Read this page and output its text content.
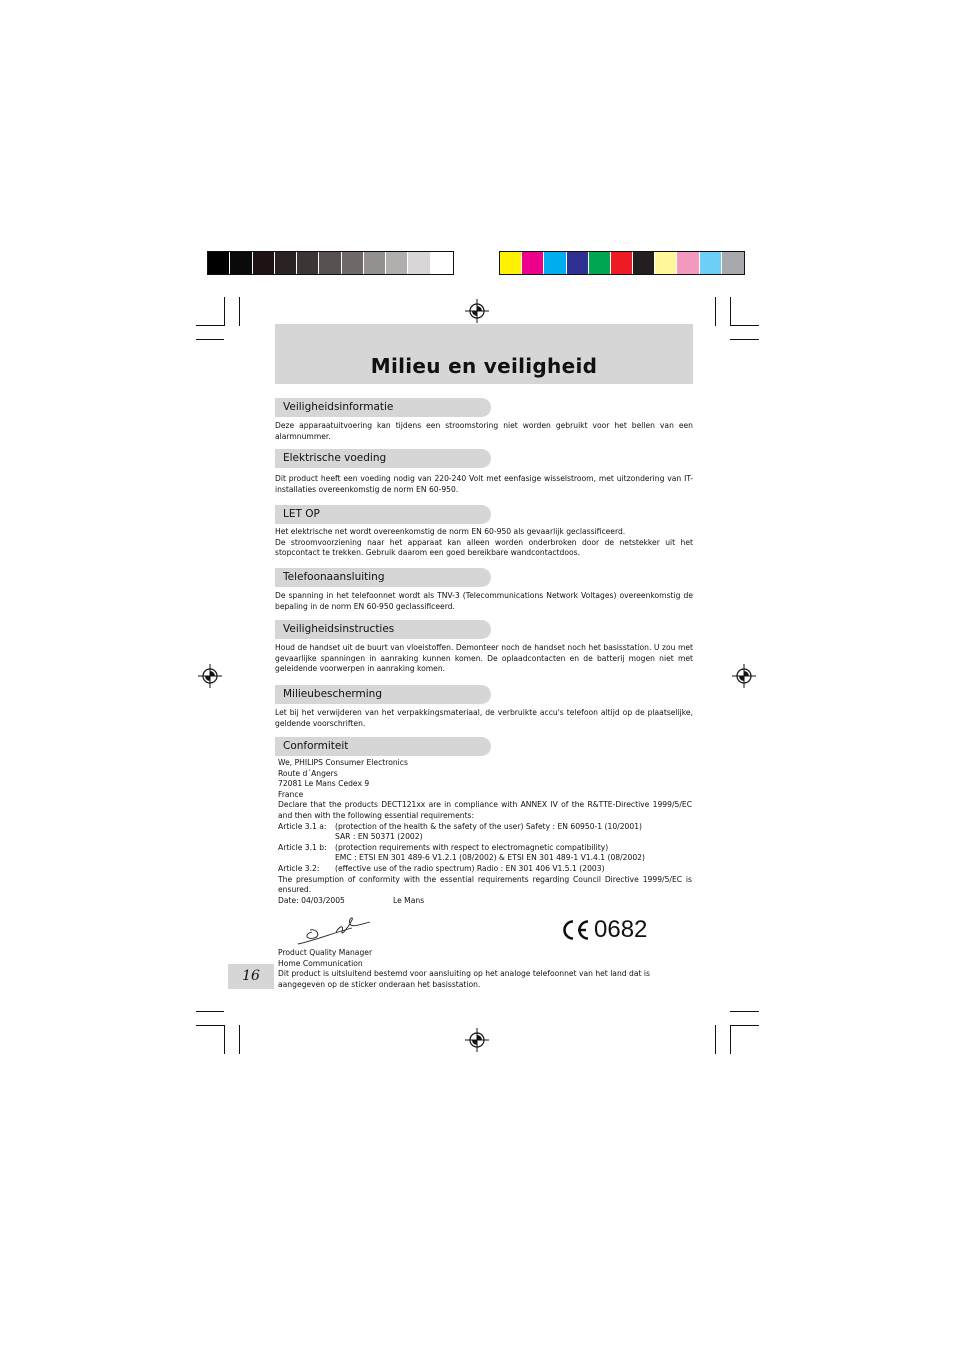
Milieu en veiligheid
Veiligheidsinformatie

Deze apparaatuitvoering kan tijdens een stroomstoring niet worden gebruikt voor het bellen van een alarmnummer.

Elektrische voeding

Dit product heeft een voeding nodig van 220-240 Volt met eenfasige wisselstroom, met uitzondering van IT-installaties overeenkomstig de norm EN 60-950.

LET OP

Het elektrische net wordt overeenkomstig de norm EN 60-950 als gevaarlijk geclassificeerd.

De stroomvoorziening naar het apparaat kan alleen worden onderbroken door de netstekker uit het stopcontact te trekken. Gebruik daarom een goed bereikbare wandcontactdoos.

Telefoonaansluiting

De spanning in het telefoonnet wordt als TNV-3 (Telecommunications Network Voltages) overeenkomstig de bepaling in de norm EN 60-950 geclassificeerd.

Veiligheidsinstructies

Houd de handset uit de buurt van vloeistoffen. Demonteer noch de handset noch het basisstation. U zou met gevaarlijke spanningen in aanraking kunnen komen. De oplaadcontacten en de batterij mogen niet met geleidende voorwerpen in aanraking komen.

Milieubescherming

Let bij het verwijderen van het verpakkingsmateriaal, de verbruikte accu's telefoon altijd op de plaatselijke, geldende voorschriften.

Conformiteit
We, PHILIPS Consumer Electronics
Route d´Angers
72081 Le Mans Cedex 9
France
Declare that the products DECT121xx are in compliance with ANNEX IV of the R&TTE-Directive 1999/5/EC and then with the following essential requirements:
Article 3.1 a:	(protection of the health & the safety of the user) Safety : EN 60950-1 (10/2001)
SAR : EN 50371 (2002)
Article 3.1 b:	(protection requirements with respect to electromagnetic compatibility)
EMC : ETSI EN 301 489-6 V1.2.1 (08/2002) & ETSI EN 301 489-1 V1.4.1 (08/2002)
Article 3.2:	(effective use of the radio spectrum) Radio : EN 301 406 V1.5.1 (2003)
The presumption of conformity with the essential requirements regarding Council Directive 1999/5/EC is ensured.
Date: 04/03/2005	Le Mans
0682
Product Quality Manager
Home Communication
Dit product is uitsluitend bestemd voor aansluiting op het analoge telefoonnet van het land dat is aangegeven op de sticker onderaan het basisstation.
16
